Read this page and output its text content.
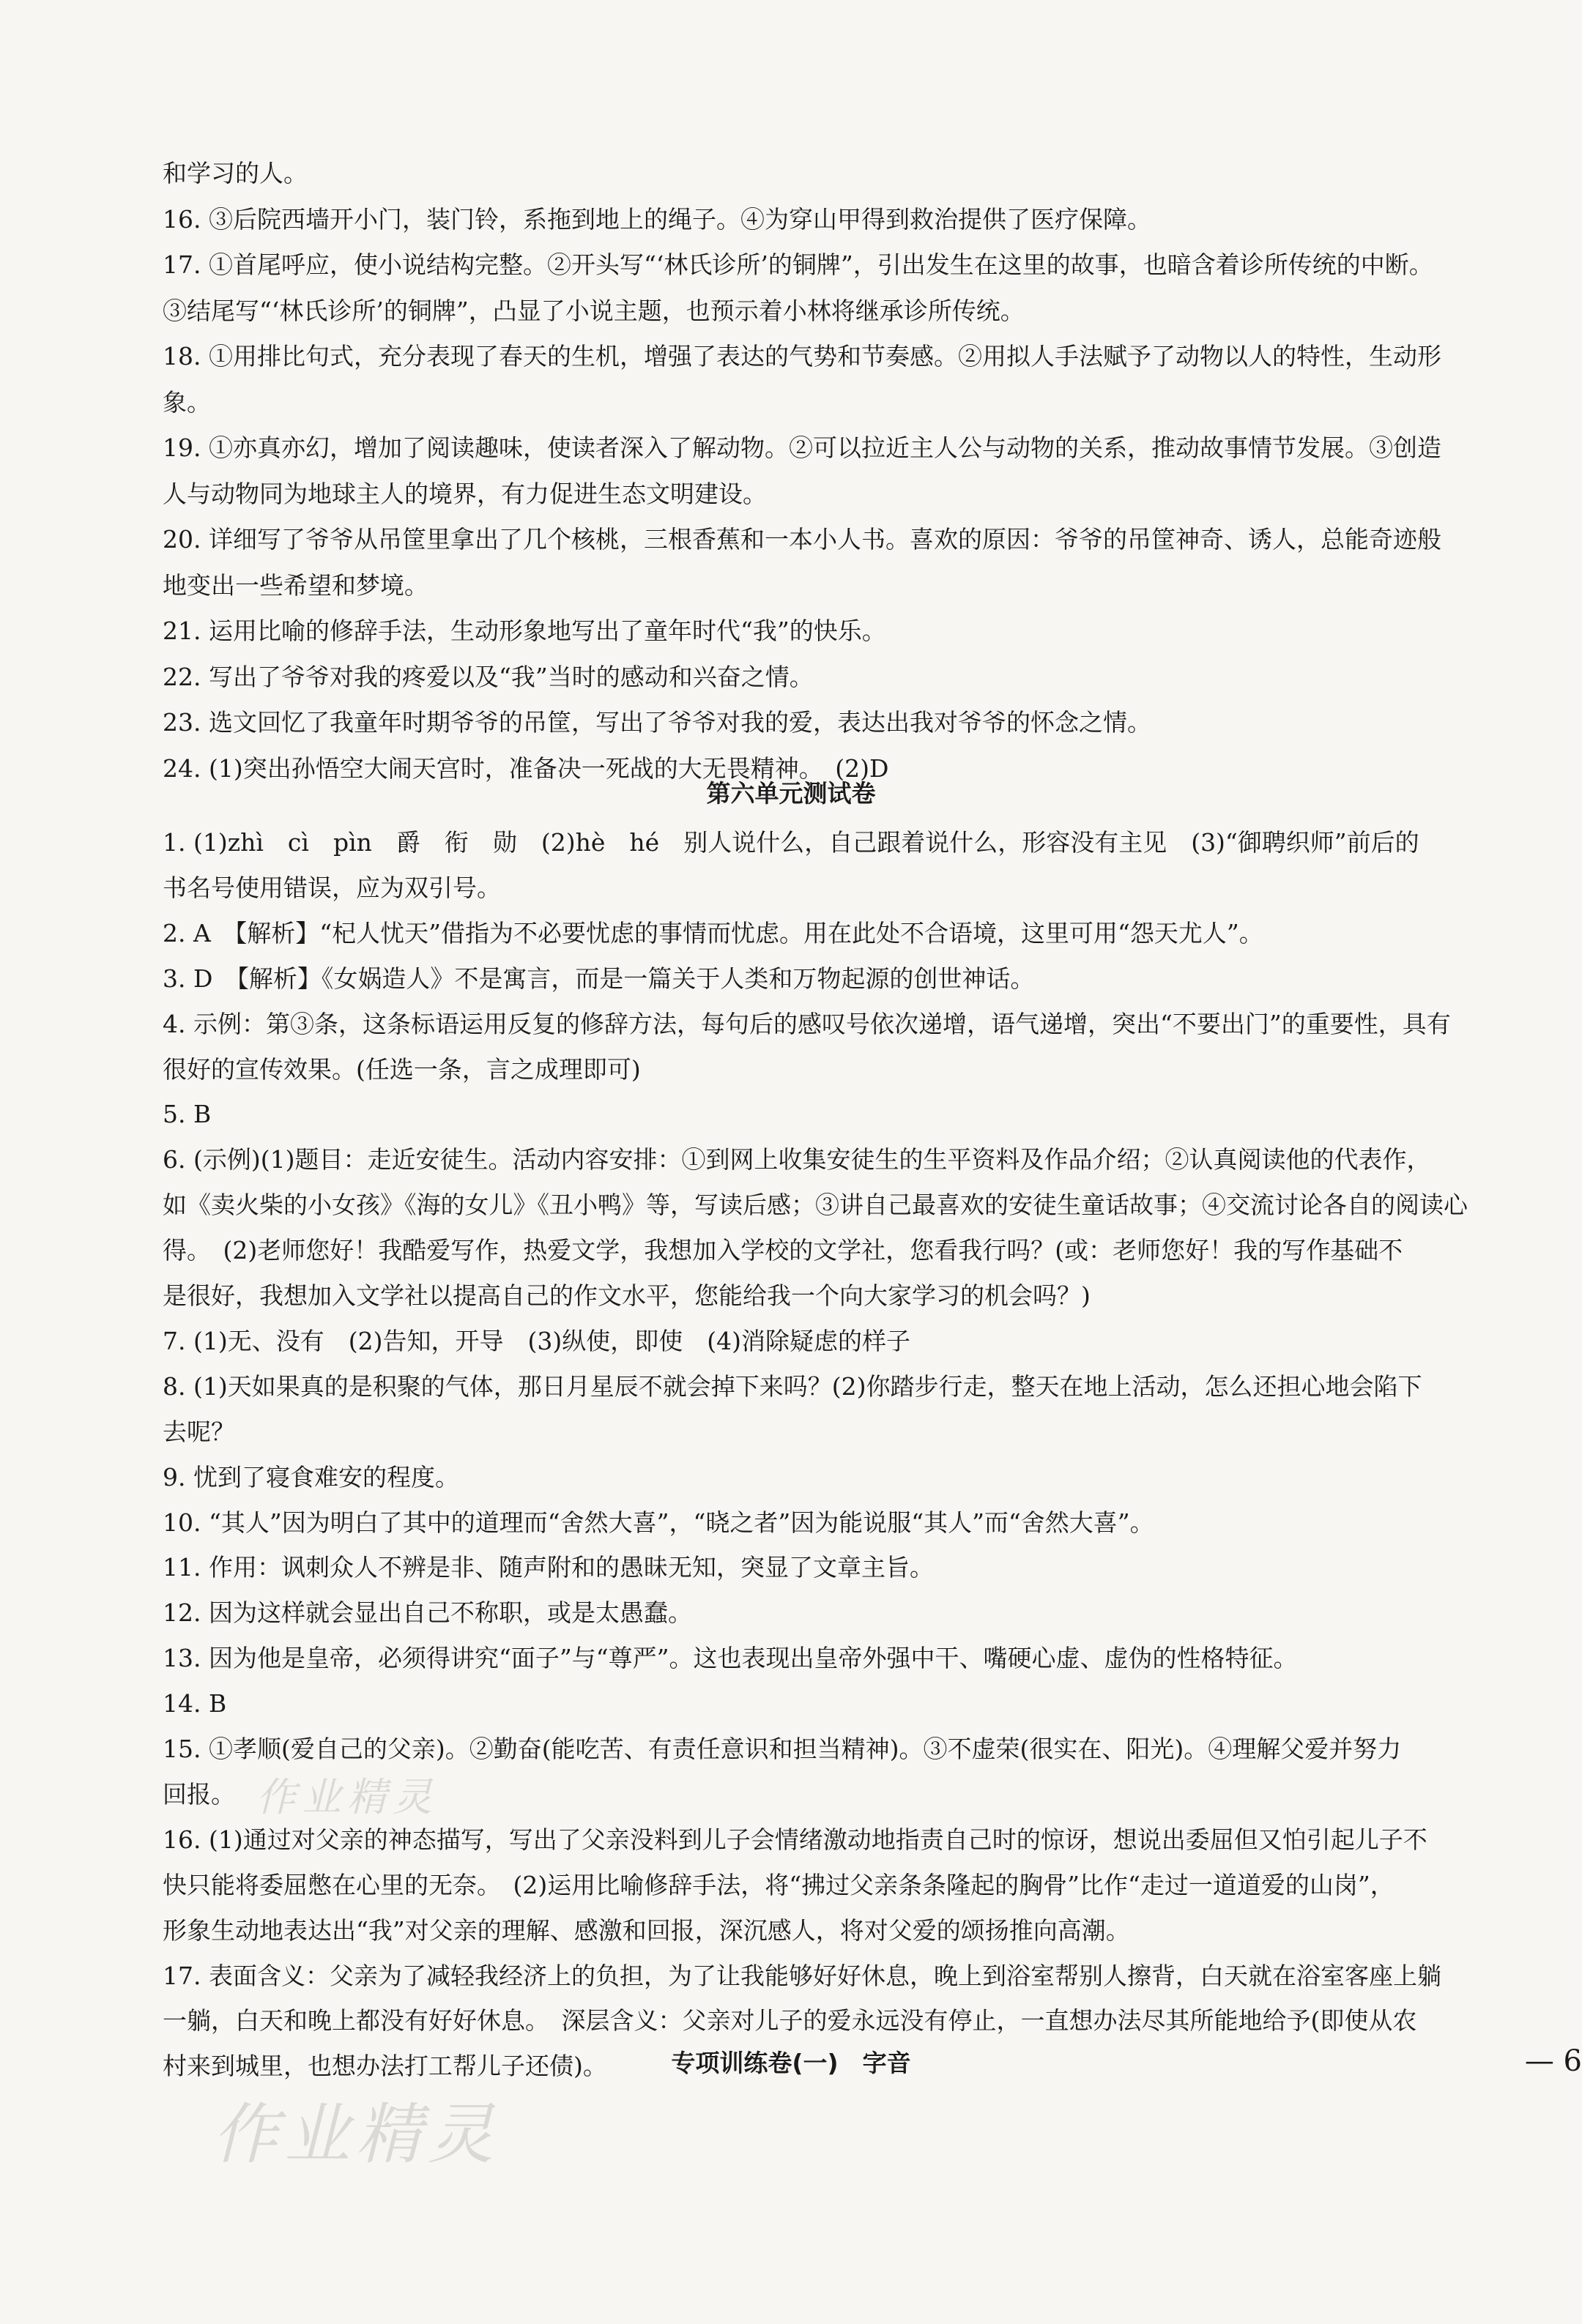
和学习的人。
16. ③后院西墙开小门，装门铃，系拖到地上的绳子。④为穿山甲得到救治提供了医疗保障。
17. ①首尾呼应，使小说结构完整。②开头写“‘林氏诊所’的铜牌”，引出发生在这里的故事，也暗含着诊所传统的中断。
③结尾写“‘林氏诊所’的铜牌”，凸显了小说主题，也预示着小林将继承诊所传统。
18. ①用排比句式，充分表现了春天的生机，增强了表达的气势和节奏感。②用拟人手法赋予了动物以人的特性，生动形
象。
19. ①亦真亦幻，增加了阅读趣味，使读者深入了解动物。②可以拉近主人公与动物的关系，推动故事情节发展。③创造
人与动物同为地球主人的境界，有力促进生态文明建设。
20. 详细写了爷爷从吊筐里拿出了几个核桃，三根香蕉和一本小人书。喜欢的原因：爷爷的吊筐神奇、诱人，总能奇迹般
地变出一些希望和梦境。
21. 运用比喻的修辞手法，生动形象地写出了童年时代“我”的快乐。
22. 写出了爷爷对我的疼爱以及“我”当时的感动和兴奋之情。
23. 选文回忆了我童年时期爷爷的吊筐，写出了爷爷对我的爱，表达出我对爷爷的怀念之情。
24. (1)突出孙悟空大闹天宫时，准备决一死战的大无畏精神。　(2)D
第六单元测试卷
1. (1)zhì　cì　pìn　爵　衔　勋　(2)hè　hé　别人说什么，自己跟着说什么，形容没有主见　(3)“御聘织师”前后的
书名号使用错误，应为双引号。
2. A　【解析】“杞人忧天”借指为不必要忧虑的事情而忧虑。用在此处不合语境，这里可用“怨天尤人”。
3. D　【解析】《女娲造人》不是寓言，而是一篇关于人类和万物起源的创世神话。
4. 示例：第③条，这条标语运用反复的修辞方法，每句后的感叹号依次递增，语气递增，突出“不要出门”的重要性，具有
很好的宣传效果。(任选一条，言之成理即可)
5. B
6. (示例)(1)题目：走近安徒生。活动内容安排：①到网上收集安徒生的生平资料及作品介绍；②认真阅读他的代表作，
如《卖火柴的小女孩》《海的女儿》《丑小鸭》等，写读后感；③讲自己最喜欢的安徒生童话故事；④交流讨论各自的阅读心
得。　(2)老师您好！我酷爱写作，热爱文学，我想加入学校的文学社，您看我行吗？(或：老师您好！我的写作基础不
是很好，我想加入文学社以提高自己的作文水平，您能给我一个向大家学习的机会吗？)
7. (1)无、没有　(2)告知，开导　(3)纵使，即使　(4)消除疑虑的样子
8. (1)天如果真的是积聚的气体，那日月星辰不就会掉下来吗？(2)你踏步行走，整天在地上活动，怎么还担心地会陷下
去呢？
9. 忧到了寝食难安的程度。
10. “其人”因为明白了其中的道理而“舍然大喜”，“晓之者”因为能说服“其人”而“舍然大喜”。
11. 作用：讽刺众人不辨是非、随声附和的愚昧无知，突显了文章主旨。
12. 因为这样就会显出自己不称职，或是太愚蠢。
13. 因为他是皇帝，必须得讲究“面子”与“尊严”。这也表现出皇帝外强中干、嘴硬心虚、虚伪的性格特征。
14. B
15. ①孝顺(爱自己的父亲)。②勤奋(能吃苦、有责任意识和担当精神)。③不虚荣(很实在、阳光)。④理解父爱并努力
回报。
16. (1)通过对父亲的神态描写，写出了父亲没料到儿子会情绪激动地指责自己时的惊讶，想说出委屈但又怕引起儿子不
快只能将委屈憋在心里的无奈。　(2)运用比喻修辞手法，将“拂过父亲条条隆起的胸骨”比作“走过一道道爱的山岗”，
形象生动地表达出“我”对父亲的理解、感激和回报，深沉感人，将对父爱的颂扬推向高潮。
17. 表面含义：父亲为了减轻我经济上的负担，为了让我能够好好休息，晚上到浴室帮别人擦背，白天就在浴室客座上躺
一躺，白天和晚上都没有好好休息。　深层含义：父亲对儿子的爱永远没有停止，一直想办法尽其所能地给予(即使从农
村来到城里，也想办法打工帮儿子还债)。	专项训练卷(一)　字音
作业精灵
作业精灵
— 6
